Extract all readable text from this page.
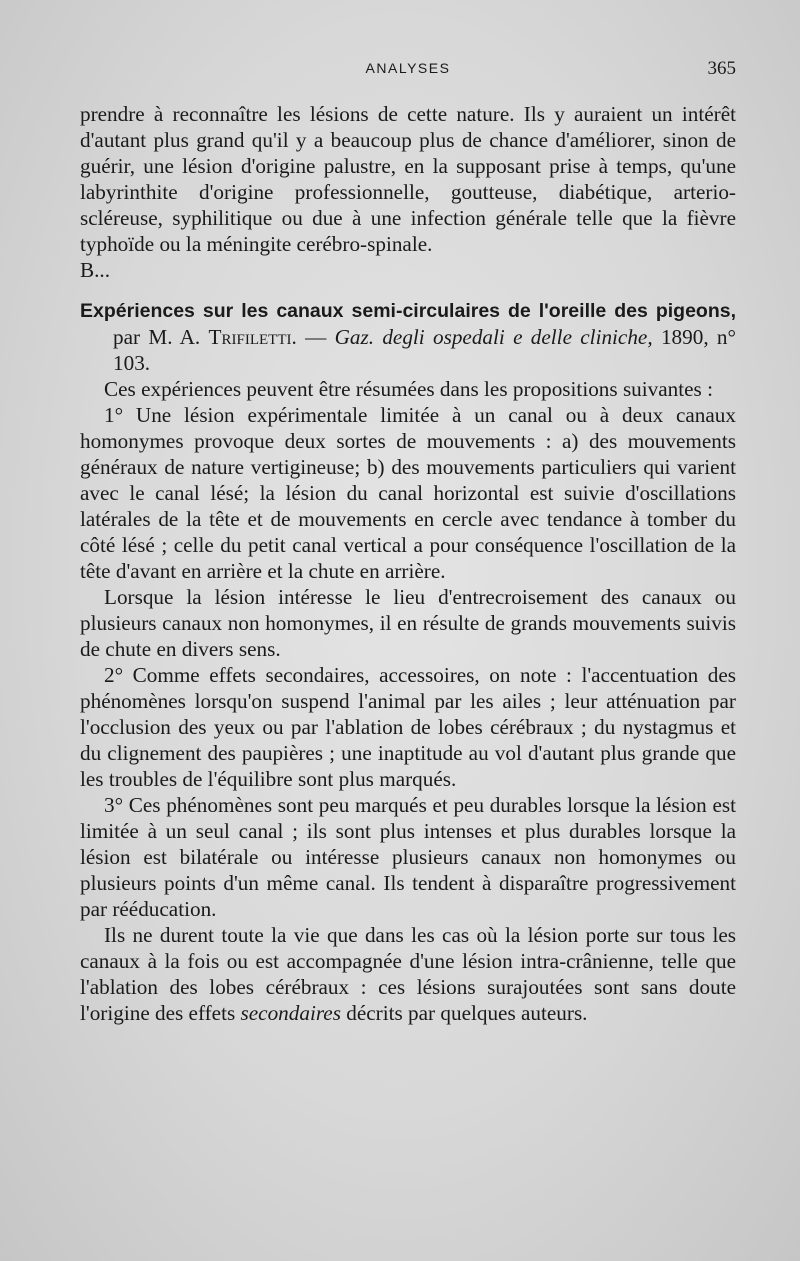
ANALYSES	365

prendre à reconnaître les lésions de cette nature. Ils y auraient un intérêt d'autant plus grand qu'il y a beaucoup plus de chance d'améliorer, sinon de guérir, une lésion d'origine palustre, en la supposant prise à temps, qu'une labyrinthite d'origine professionnelle, goutteuse, diabétique, arterio-scléreuse, syphilitique ou due à une infection générale telle que la fièvre typhoïde ou la méningite cerébro-spinale.

B...

Expériences sur les canaux semi-circulaires de l'oreille des pigeons, par M. A. Trifiletti. — Gaz. degli ospedali e delle cliniche, 1890, n° 103.

Ces expériences peuvent être résumées dans les propositions suivantes :

1° Une lésion expérimentale limitée à un canal ou à deux canaux homonymes provoque deux sortes de mouvements : a) des mouvements généraux de nature vertigineuse; b) des mouvements particuliers qui varient avec le canal lésé; la lésion du canal horizontal est suivie d'oscillations latérales de la tête et de mouvements en cercle avec tendance à tomber du côté lésé ; celle du petit canal vertical a pour conséquence l'oscillation de la tête d'avant en arrière et la chute en arrière.

Lorsque la lésion intéresse le lieu d'entrecroisement des canaux ou plusieurs canaux non homonymes, il en résulte de grands mouvements suivis de chute en divers sens.

2° Comme effets secondaires, accessoires, on note : l'accentuation des phénomènes lorsqu'on suspend l'animal par les ailes ; leur atténuation par l'occlusion des yeux ou par l'ablation de lobes cérébraux ; du nystagmus et du clignement des paupières ; une inaptitude au vol d'autant plus grande que les troubles de l'équilibre sont plus marqués.

3° Ces phénomènes sont peu marqués et peu durables lorsque la lésion est limitée à un seul canal ; ils sont plus intenses et plus durables lorsque la lésion est bilatérale ou intéresse plusieurs canaux non homonymes ou plusieurs points d'un même canal. Ils tendent à disparaître progressivement par rééducation.

Ils ne durent toute la vie que dans les cas où la lésion porte sur tous les canaux à la fois ou est accompagnée d'une lésion intra-crânienne, telle que l'ablation des lobes cérébraux : ces lésions surajoutées sont sans doute l'origine des effets secondaires décrits par quelques auteurs.
